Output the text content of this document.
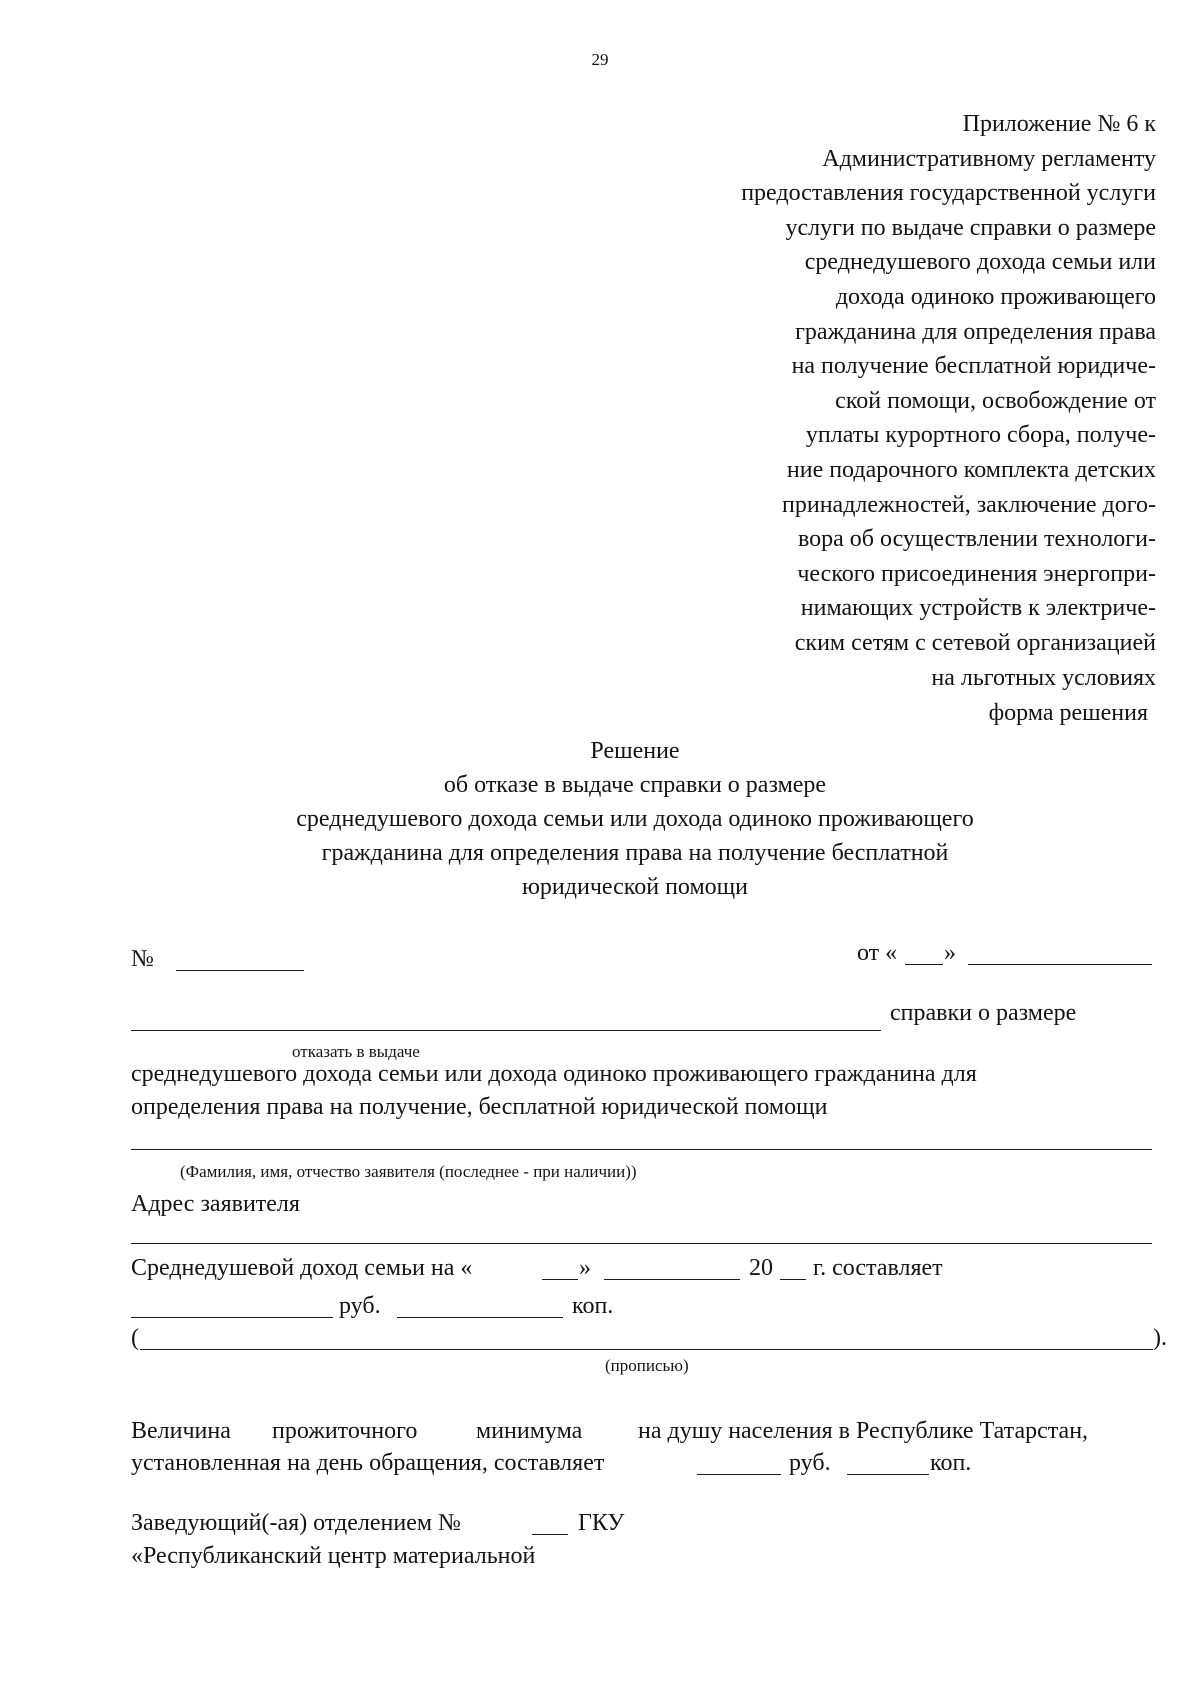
29
Приложение № 6 к
Административному регламенту
предоставления государственной услуги
услуги по выдаче справки о размере
среднедушевого дохода семьи или
дохода одиноко проживающего
гражданина для определения права
на получение бесплатной юридиче-
ской помощи, освобождение от
уплаты курортного сбора, получе-
ние подарочного комплекта детских
принадлежностей, заключение дого-
вора об осуществлении технологи-
ческого присоединения энергопри-
нимающих устройств к электриче-
ским сетям с сетевой организацией
на льготных условиях
форма решения
Решение
об отказе в выдаче справки о размере
среднедушевого дохода семьи или дохода одиноко проживающего
гражданина для определения права на получение бесплатной
юридической помощи
№	от « »
справки о размере
отказать в выдаче
среднедушевого дохода семьи или дохода одиноко проживающего гражданина для
определения права на получение, бесплатной юридической помощи
(Фамилия, имя, отчество заявителя (последнее - при наличии))
Адрес заявителя
Среднедушевой доход семьи на «	»	20 г. составляет
руб.	коп.
(	).
(прописью)
Величина прожиточного минимума на душу населения в Республике Татарстан,
установленная на день обращения, составляет	руб.	коп.
Заведующий(-ая) отделением №	ГКУ
«Республиканский центр материальной
